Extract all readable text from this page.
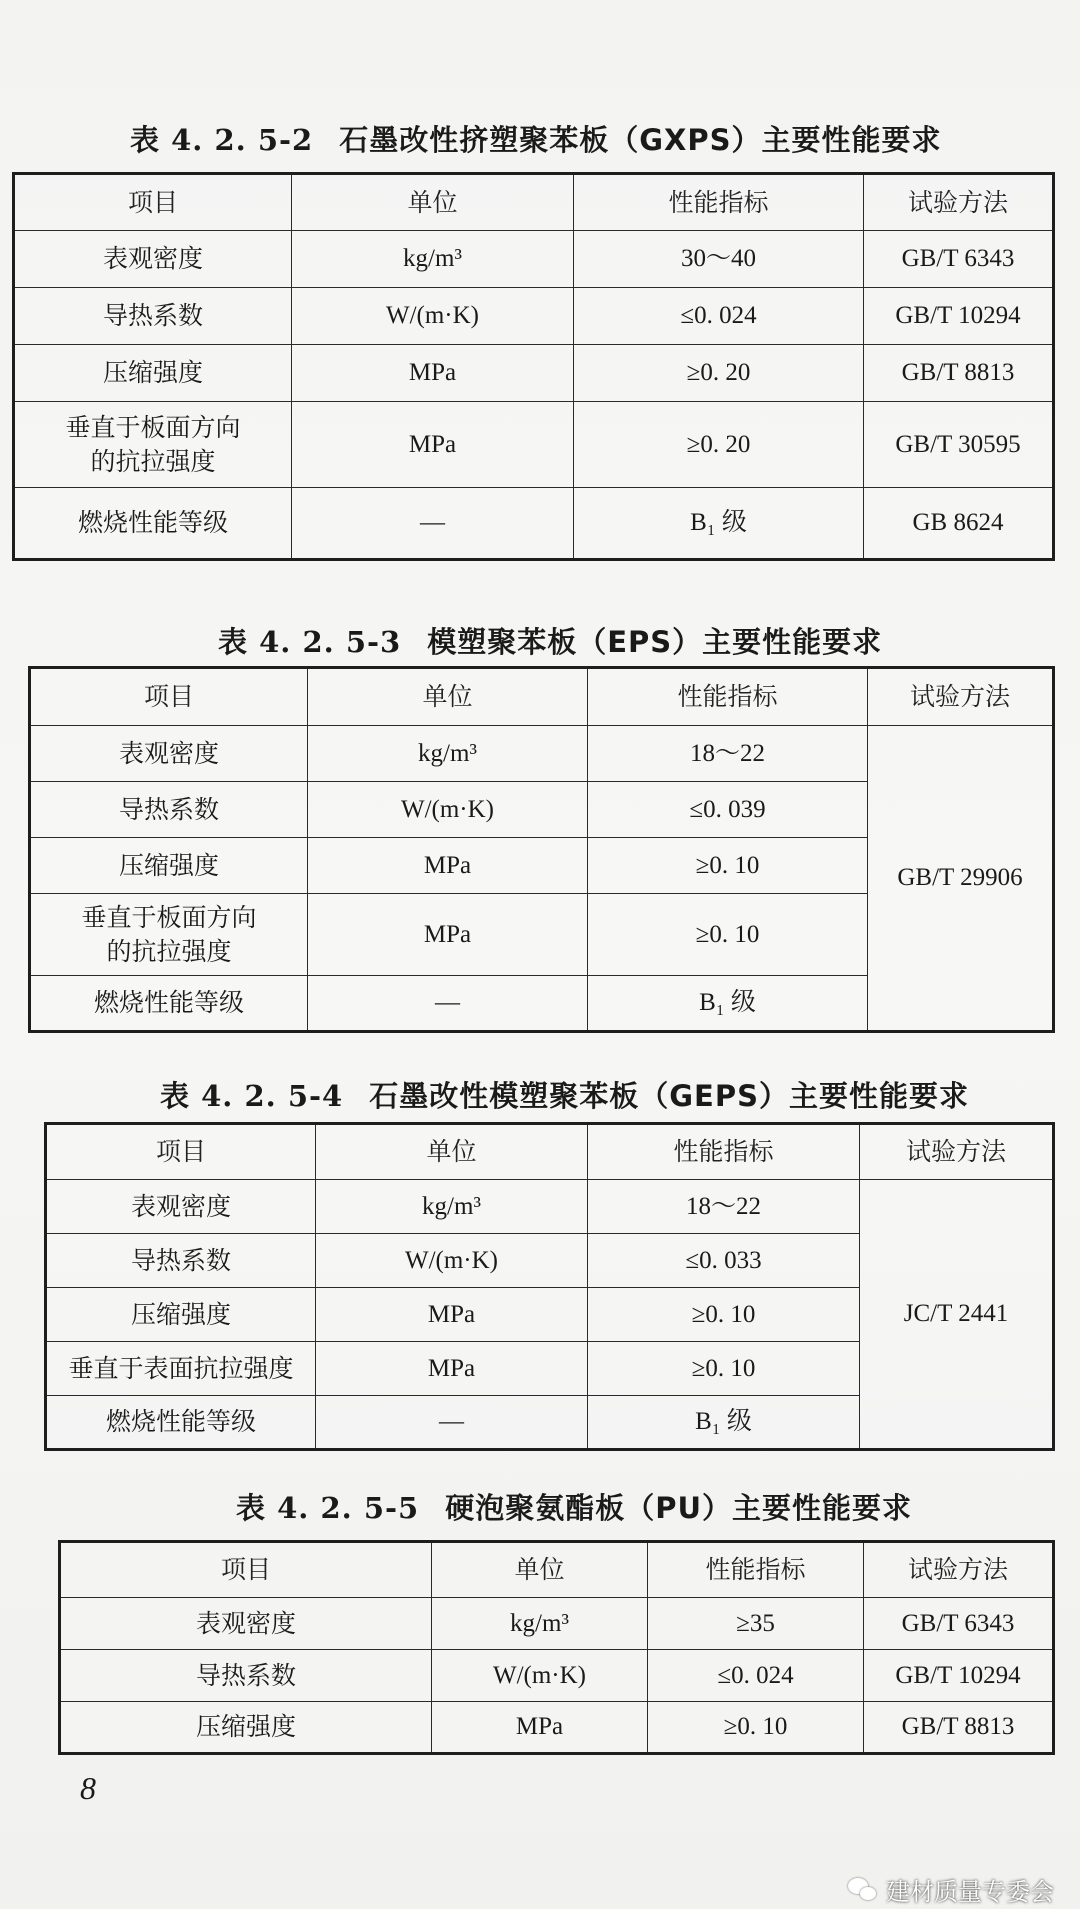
表 4. 2. 5-2 石墨改性挤塑聚苯板（GXPS）主要性能要求
项目	单位	性能指标	试验方法
表观密度	kg/m³	30～40	GB/T 6343
导热系数	W/(m·K)	≤0. 024	GB/T 10294
压缩强度	MPa	≥0. 20	GB/T 8813
垂直于板面方向的抗拉强度	MPa	≥0. 20	GB/T 30595
燃烧性能等级	—	B₁ 级	GB 8624
表 4. 2. 5-3 模塑聚苯板（EPS）主要性能要求
项目	单位	性能指标	试验方法
表观密度	kg/m³	18～22	GB/T 29906
导热系数	W/(m·K)	≤0. 039	
压缩强度	MPa	≥0. 10	
垂直于板面方向的抗拉强度	MPa	≥0. 10	
燃烧性能等级	—	B₁ 级	
表 4. 2. 5-4 石墨改性模塑聚苯板（GEPS）主要性能要求
项目	单位	性能指标	试验方法
表观密度	kg/m³	18～22	JC/T 2441
导热系数	W/(m·K)	≤0. 033	
压缩强度	MPa	≥0. 10	
垂直于表面抗拉强度	MPa	≥0. 10	
燃烧性能等级	—	B₁ 级	
表 4. 2. 5-5 硬泡聚氨酯板（PU）主要性能要求
项目	单位	性能指标	试验方法
表观密度	kg/m³	≥35	GB/T 6343
导热系数	W/(m·K)	≤0. 024	GB/T 10294
压缩强度	MPa	≥0. 10	GB/T 8813
8
建材质量专委会
